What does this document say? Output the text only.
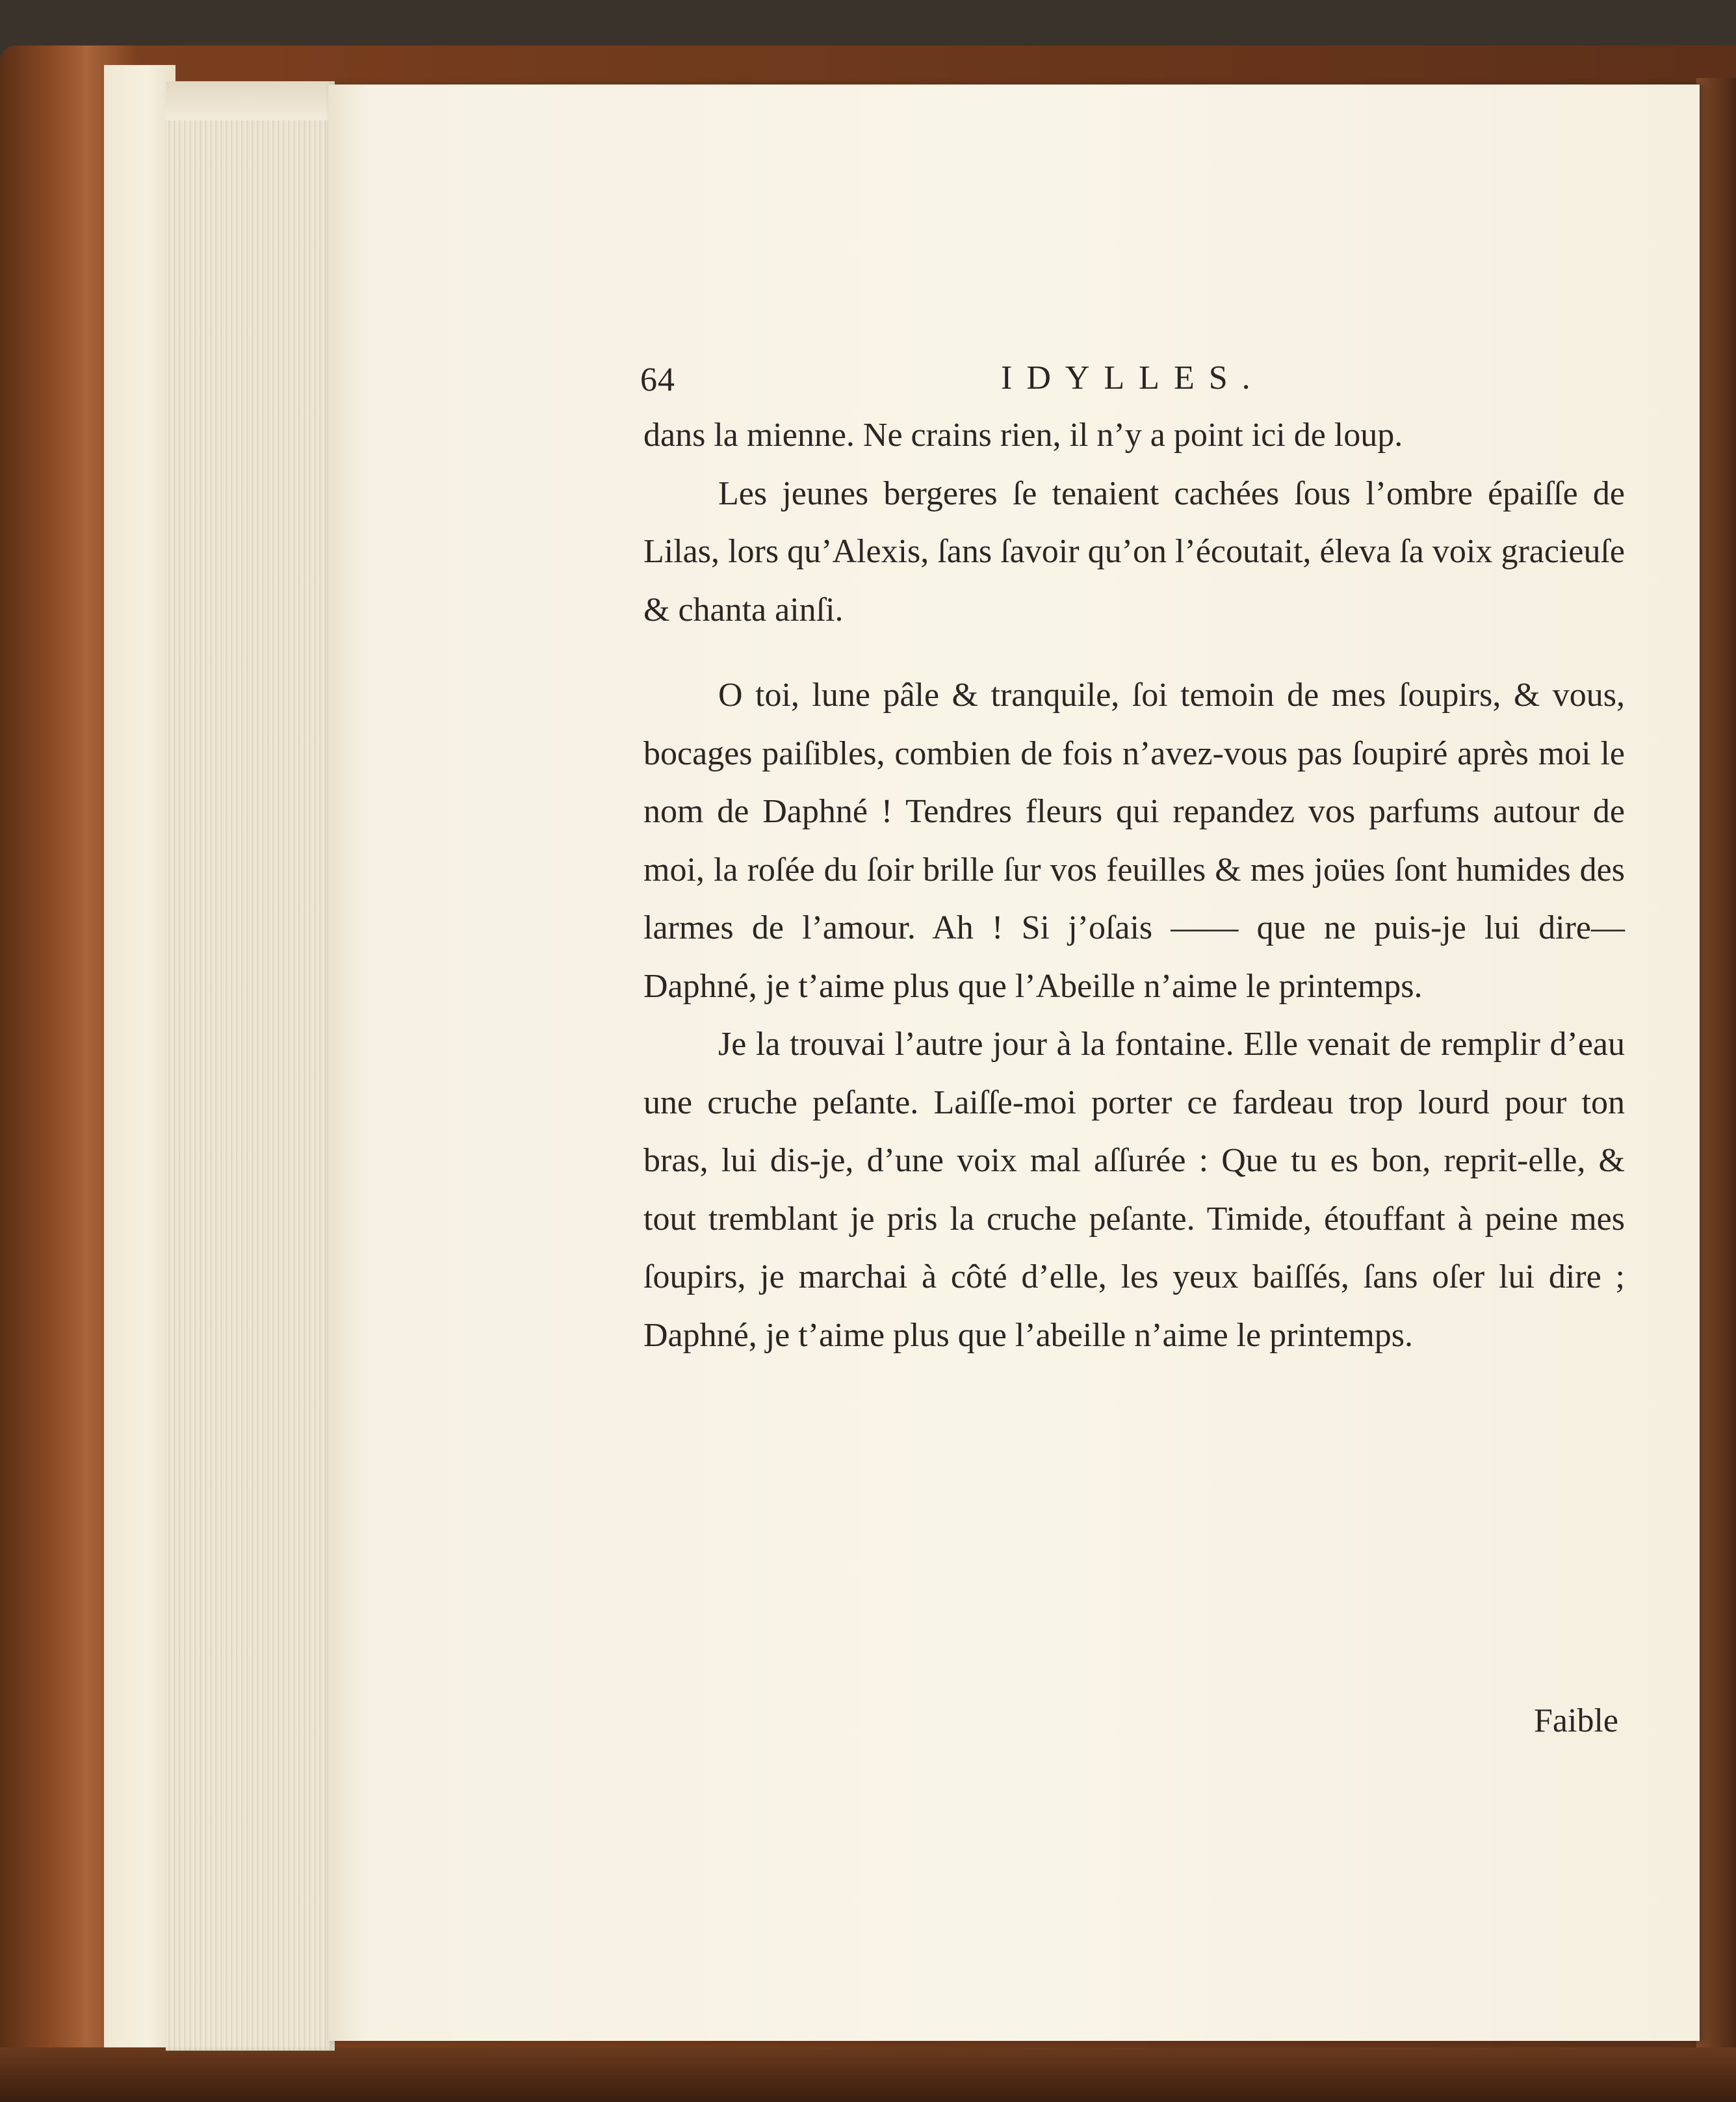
64	IDYLLES.

dans la mienne. Ne crains rien, il n’y a point ici de loup.

Les jeunes bergeres ſe tenaient cachées ſous l’ombre épaiſſe de Lilas, lors qu’Alexis, ſans ſavoir qu’on l’écoutait, éleva ſa voix gracieuſe & chanta ainſi.

O toi, lune pâle & tranquile, ſoi temoin de mes ſoupirs, & vous, bocages paiſibles, combien de fois n’avez-vous pas ſoupiré après moi le nom de Daphné ! Tendres fleurs qui repandez vos parfums autour de moi, la roſée du ſoir brille ſur vos feuilles & mes joües ſont humides des larmes de l’amour. Ah ! Si j’oſais —— que ne puis-je lui dire— Daphné, je t’aime plus que l’Abeille n’aime le printemps.

Je la trouvai l’autre jour à la fontaine. Elle venait de remplir d’eau une cruche peſante. Laiſſe-moi porter ce fardeau trop lourd pour ton bras, lui dis-je, d’une voix mal aſſurée : Que tu es bon, reprit-elle, & tout tremblant je pris la cruche peſante. Timide, étouffant à peine mes ſoupirs, je marchai à côté d’elle, les yeux baiſſés, ſans oſer lui dire ; Daphné, je t’aime plus que l’abeille n’aime le printemps.

Faible
